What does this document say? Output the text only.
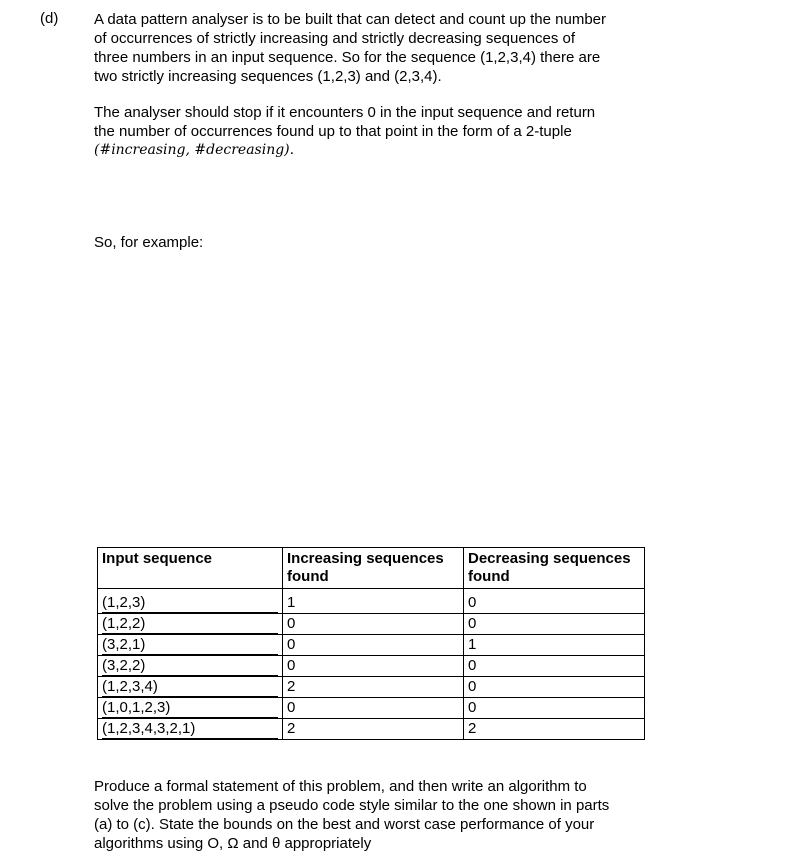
(d) A data pattern analyser is to be built that can detect and count up the number
of occurrences of strictly increasing and strictly decreasing sequences of
three numbers in an input sequence. So for the sequence (1,2,3,4) there are
two strictly increasing sequences (1,2,3) and (2,3,4).
The analyser should stop if it encounters 0 in the input sequence and return
the number of occurrences found up to that point in the form of a 2-tuple
(#increasing, #decreasing).
So, for example:
Input sequence	Increasing sequences found	Decreasing sequences found
(1,2,3)	1	0
(1,2,2)	0	0
(3,2,1)	0	1
(3,2,2)	0	0
(1,2,3,4)	2	0
(1,0,1,2,3)	0	0
(1,2,3,4,3,2,1)	2	2
Produce a formal statement of this problem, and then write an algorithm to
solve the problem using a pseudo code style similar to the one shown in parts
(a) to (c). State the bounds on the best and worst case performance of your
algorithms using O, Ω and θ appropriately
